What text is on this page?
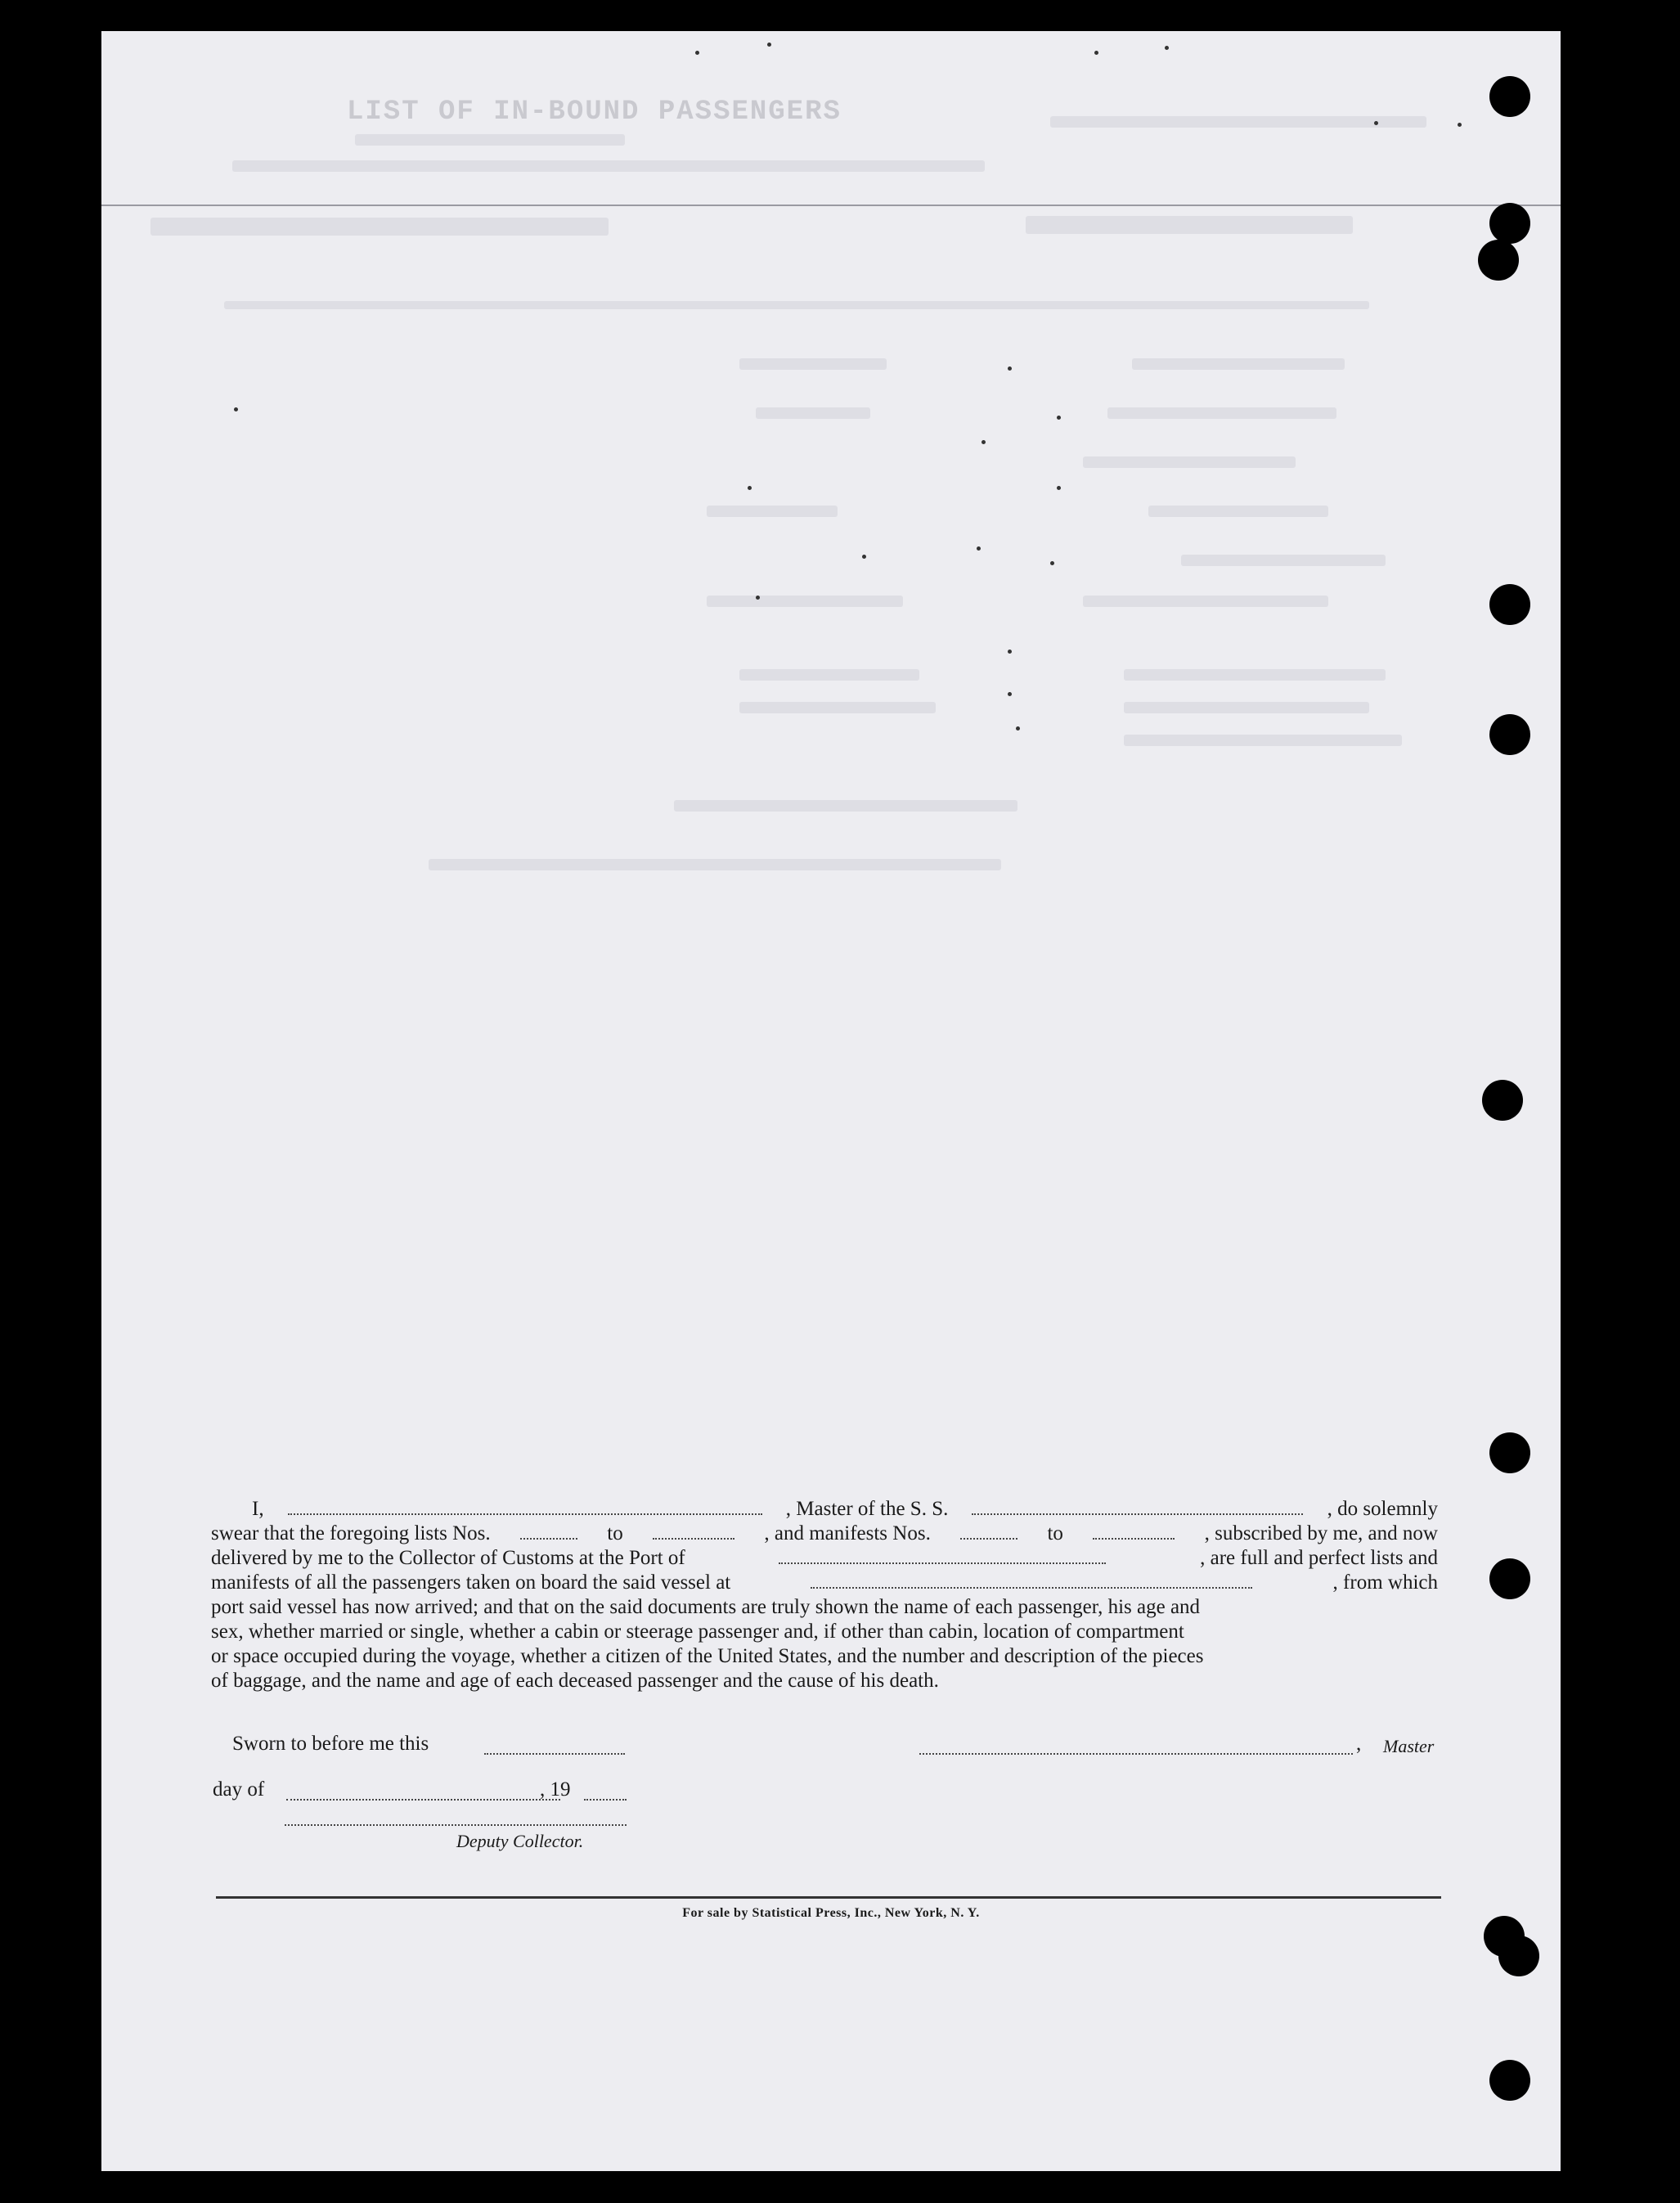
LIST OF IN-BOUND PASSENGERS

I,	, Master of the S. S.	, do solemnly

swear that the foregoing lists Nos.	to	, and manifests Nos.	to	, subscribed by me, and now

delivered by me to the Collector of Customs at the Port of	, are full and perfect lists and

manifests of all the passengers taken on board the said vessel at	, from which

port said vessel has now arrived; and that on the said documents are truly shown the name of each passenger, his age and

sex, whether married or single, whether a cabin or steerage passenger and, if other than cabin, location of compartment

or space occupied during the voyage, whether a citizen of the United States, and the number and description of the pieces

of baggage, and the name and age of each deceased passenger and the cause of his death.

Sworn to before me this	, Master
day of	, 19
Deputy Collector.
For sale by Statistical Press, Inc., New York, N. Y.
